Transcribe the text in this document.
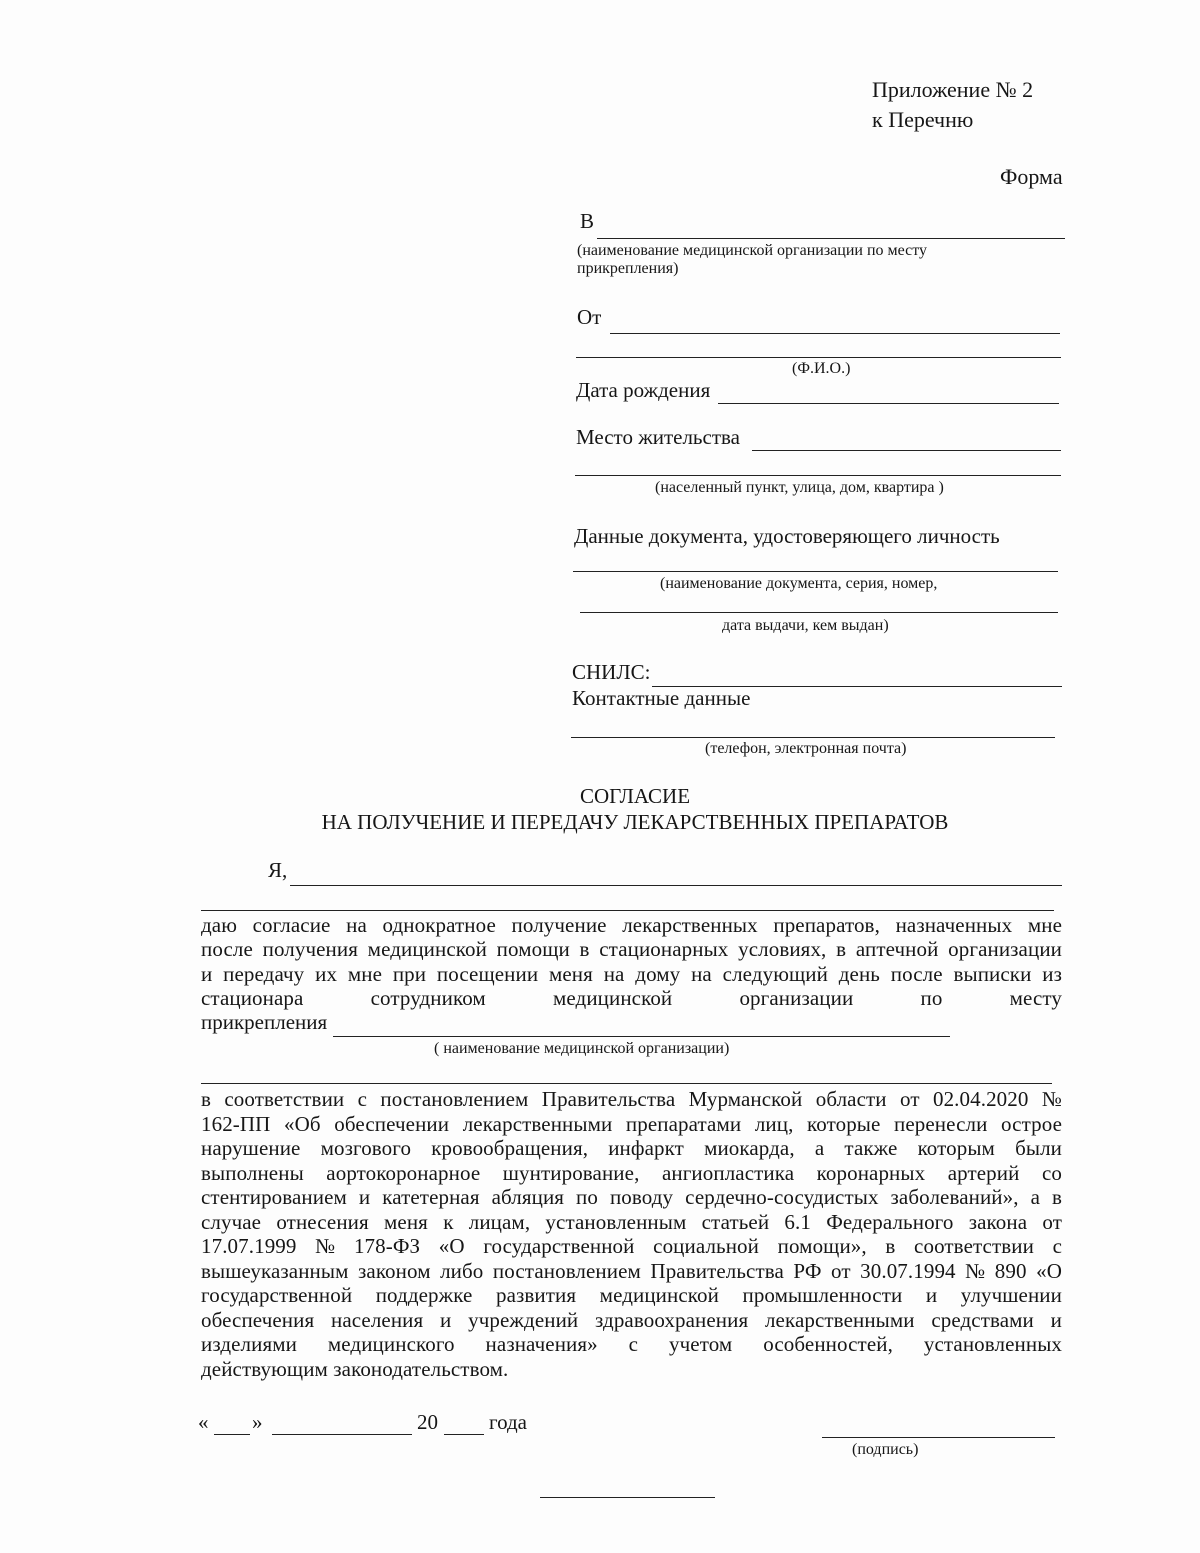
Приложение № 2
к Перечню
Форма
В
(наименование медицинской организации по месту
прикрепления)
От
(Ф.И.О.)
Дата рождения
Место жительства
(населенный пункт, улица, дом, квартира )
Данные документа, удостоверяющего личность
(наименование документа, серия, номер,
дата выдачи, кем выдан)
СНИЛС:
Контактные данные
(телефон, электронная почта)
СОГЛАСИЕ
НА ПОЛУЧЕНИЕ И ПЕРЕДАЧУ ЛЕКАРСТВЕННЫХ ПРЕПАРАТОВ
Я,
даю согласие на однократное получение лекарственных препаратов, назначенных мне
после получения медицинской помощи в стационарных условиях, в аптечной организации
и передачу их мне при посещении меня на дому на следующий день после выписки из
стационара сотрудником медицинской организации по месту
прикрепления
( наименование медицинской организации)
в соответствии с постановлением Правительства Мурманской области от 02.04.2020 №
162-ПП «Об обеспечении лекарственными препаратами лиц, которые перенесли острое
нарушение мозгового кровообращения, инфаркт миокарда, а также которым были
выполнены аортокоронарное шунтирование, ангиопластика коронарных артерий со
стентированием и катетерная абляция по поводу сердечно-сосудистых заболеваний», а в
случае отнесения меня к лицам, установленным статьей 6.1 Федерального закона от
17.07.1999 № 178-ФЗ «О государственной социальной помощи», в соответствии с
вышеуказанным законом либо постановлением Правительства РФ от 30.07.1994 № 890 «О
государственной поддержке развития медицинской промышленности и улучшении
обеспечения населения и учреждений здравоохранения лекарственными средствами и
изделиями медицинского назначения» с учетом особенностей, установленных
действующим законодательством.
« »	20 года
(подпись)
